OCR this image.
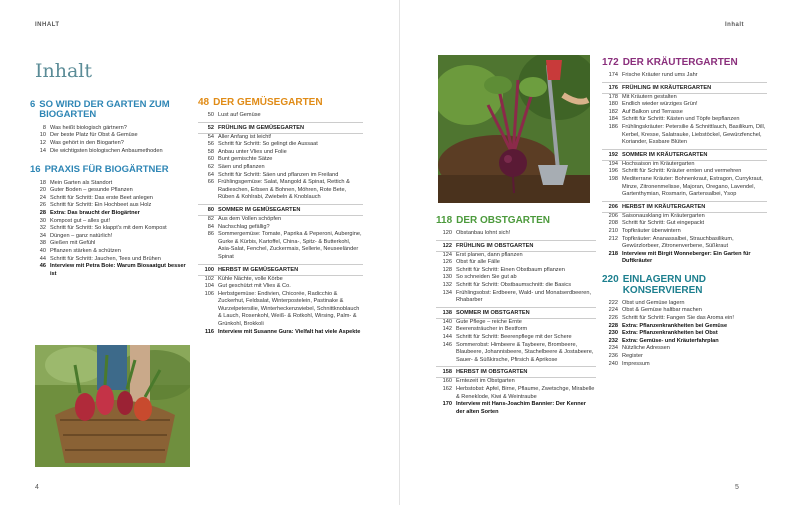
INHALT
Inhalt
6 SO WIRD DER GARTEN ZUM BIOGARTEN
8 Was heißt biologisch gärtnern?
10 Der beste Platz für Obst & Gemüse
12 Was gehört in den Biogarten?
14 Die wichtigsten biologischen Anbaumethoden
16 PRAXIS FÜR BIOGÄRTNER
18 Mein Garten als Standort
20 Guter Boden – gesunde Pflanzen
24 Schritt für Schritt: Das erste Beet anlegen
26 Schritt für Schritt: Ein Hochbeet aus Holz
28 Extra: Das braucht der Biogärtner
30 Kompost gut – alles gut!
32 Schritt für Schritt: So klappt's mit dem Kompost
34 Düngen – ganz natürlich!
38 Gießen mit Gefühl
40 Pflanzen stärken & schützen
44 Schritt für Schritt: Jauchen, Tees und Brühen
46 Interview mit Petra Boie: Warum Biosaatgut besser ist
48 DER GEMÜSEGARTEN
50 Lust auf Gemüse
52 FRÜHLING IM GEMÜSEGARTEN
54 Aller Anfang ist leicht!
56 Schritt für Schritt: So gelingt die Aussaat
58 Anbau unter Vlies und Folie
60 Bunt gemischte Sätze
62 Säen und pflanzen
64 Schritt für Schritt: Säen und pflanzen im Freiland
66 Frühlingsgemüse: Salat, Mangold & Spinat, Rettich & Radieschen, Erbsen & Bohnen, Möhren, Rote Bete, Rüben & Kohlrabi, Zwiebeln & Knoblauch
80 SOMMER IM GEMÜSEGARTEN
82 Aus dem Vollen schöpfen
84 Nachschlag gefällig?
86 Sommergemüse: Tomate, Paprika & Peperoni, Aubergine, Gurke & Kürbis, Kartoffel, China-, Spitz- & Butterkohl, Asia-Salat, Fenchel, Zuckermais, Sellerie, Neuseeländer Spinat
100 HERBST IM GEMÜSEGARTEN
102 Kühle Nächte, volle Körbe
104 Gut geschützt mit Vlies & Co.
106 Herbstgemüse: Endivien, Chicorée, Radicchio & Zuckerhut, Feldsalat, Winterpostelein, Pastinake & Wurzelpetersilie, Winterheckenzwiebel, Schnittknoblauch & Lauch, Rosenkohl, Weiß- & Rotkohl, Wirsing, Palm- & Grünkohl, Brokkoli
116 Interview mit Susanne Gura: Vielfalt hat viele Aspekte
4
Inhalt
118 DER OBSTGARTEN
120 Obstanbau lohnt sich!
122 FRÜHLING IM OBSTGARTEN
124 Erst planen, dann pflanzen
126 Obst für alle Fälle
128 Schritt für Schritt: Einen Obstbaum pflanzen
130 So schneiden Sie gut ab
132 Schritt für Schritt: Obstbaumschnitt: die Basics
134 Frühlingsobst: Erdbeere, Wald- und Monatserdbeeren, Rhabarber
138 SOMMER IM OBSTGARTEN
140 Gute Pflege – reiche Ernte
142 Beerensträucher in Bestform
144 Schritt für Schritt: Beerenpflege mit der Schere
146 Sommerobst: Himbeere & Taybeere, Brombeere, Blaubeere, Johannisbeere, Stachelbeere & Jostabeere, Sauer- & Süßkirsche, Pfirsich & Aprikose
158 HERBST IM OBSTGARTEN
160 Erntezeit im Obstgarten
162 Herbstobst: Apfel, Birne, Pflaume, Zwetschge, Mirabelle & Reneklode, Kiwi & Weintraube
170 Interview mit Hans-Joachim Bannier: Der Kenner der alten Sorten
172 DER KRÄUTERGARTEN
174 Frische Kräuter rund ums Jahr
176 FRÜHLING IM KRÄUTERGARTEN
178 Mit Kräutern gestalten
180 Endlich wieder würziges Grün!
182 Auf Balkon und Terrasse
184 Schritt für Schritt: Kästen und Töpfe bepflanzen
186 Frühlingskräuter: Petersilie & Schnittlauch, Basilikum, Dill, Kerbel, Kresse, Salatrauke, Liebstöckel, Gewürzfenchel, Koriander, Essbare Blüten
192 SOMMER IM KRÄUTERGARTEN
194 Hochsaison im Kräutergarten
196 Schritt für Schritt: Kräuter ernten und vermehren
198 Mediterrane Kräuter: Bohnenkraut, Estragon, Currykraut, Minze, Zitronenmelisse, Majoran, Oregano, Lavendel, Gartenthymian, Rosmarin, Gartensalbei, Ysop
206 HERBST IM KRÄUTERGARTEN
206 Saisonausklang im Kräutergarten
208 Schritt für Schritt: Gut eingepackt
210 Topfkräuter überwintern
212 Topfkräuter: Ananassalbei, Strauchbasilikum, Gewürzlorbeer, Zitronenverbene, Süßkraut
218 Interview mit Birgit Wonneberger: Ein Garten für Duftkräuter
220 EINLAGERN UND KONSERVIEREN
222 Obst und Gemüse lagern
224 Obst & Gemüse haltbar machen
226 Schritt für Schritt: Fangen Sie das Aroma ein!
228 Extra: Pflanzenkrankheiten bei Gemüse
230 Extra: Pflanzenkrankheiten bei Obst
232 Extra: Gemüse- und Kräuterfahrplan
234 Nützliche Adressen
236 Register
240 Impressum
5
